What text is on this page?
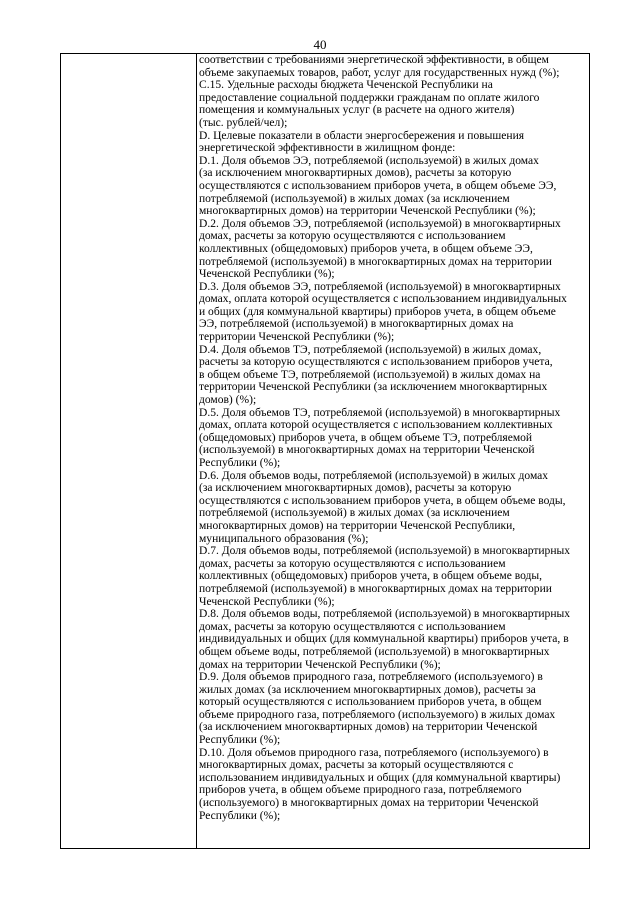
40
соответствии с требованиями энергетической эффективности, в общем
объеме закупаемых товаров, работ, услуг для государственных нужд (%);
С.15. Удельные расходы бюджета Чеченской Республики на
предоставление социальной поддержки гражданам по оплате жилого
помещения и коммунальных услуг (в расчете на одного жителя)
(тыс. рублей/чел);
D. Целевые показатели в области энергосбережения и повышения
энергетической эффективности в жилищном фонде:
D.1. Доля объемов ЭЭ, потребляемой (используемой) в жилых домах
(за исключением многоквартирных домов), расчеты за которую
осуществляются с использованием приборов учета, в общем объеме ЭЭ,
потребляемой (используемой) в жилых домах (за исключением
многоквартирных домов) на территории Чеченской Республики (%);
D.2. Доля объемов ЭЭ, потребляемой (используемой) в многоквартирных
домах, расчеты за которую осуществляются с использованием
коллективных (общедомовых) приборов учета, в общем объеме ЭЭ,
потребляемой (используемой) в многоквартирных домах на территории
Чеченской Республики (%);
D.3. Доля объемов ЭЭ, потребляемой (используемой) в многоквартирных
домах, оплата которой осуществляется с использованием индивидуальных
и общих (для коммунальной квартиры) приборов учета, в общем объеме
ЭЭ, потребляемой (используемой) в многоквартирных домах на
территории Чеченской Республики (%);
D.4. Доля объемов ТЭ, потребляемой (используемой) в жилых домах,
расчеты за которую осуществляются с использованием приборов учета,
в общем объеме ТЭ, потребляемой (используемой) в жилых домах на
территории Чеченской Республики (за исключением многоквартирных
домов) (%);
D.5. Доля объемов ТЭ, потребляемой (используемой) в многоквартирных
домах, оплата которой осуществляется с использованием коллективных
(общедомовых) приборов учета, в общем объеме ТЭ, потребляемой
(используемой) в многоквартирных домах на территории Чеченской
Республики (%);
D.6. Доля объемов воды, потребляемой (используемой) в жилых домах
(за исключением многоквартирных домов), расчеты за которую
осуществляются с использованием приборов учета, в общем объеме воды,
потребляемой (используемой) в жилых домах (за исключением
многоквартирных домов) на территории Чеченской Республики,
муниципального образования (%);
D.7. Доля объемов воды, потребляемой (используемой) в многоквартирных
домах, расчеты за которую осуществляются с использованием
коллективных (общедомовых) приборов учета, в общем объеме воды,
потребляемой (используемой) в многоквартирных домах на территории
Чеченской Республики (%);
D.8. Доля объемов воды, потребляемой (используемой) в многоквартирных
домах, расчеты за которую осуществляются с использованием
индивидуальных и общих (для коммунальной квартиры) приборов учета, в
общем объеме воды, потребляемой (используемой) в многоквартирных
домах на территории Чеченской Республики (%);
D.9. Доля объемов природного газа, потребляемого (используемого) в
жилых домах (за исключением многоквартирных домов), расчеты за
который осуществляются с использованием приборов учета, в общем
объеме природного газа, потребляемого (используемого) в жилых домах
(за исключением многоквартирных домов) на территории Чеченской
Республики (%);
D.10. Доля объемов природного газа, потребляемого (используемого) в
многоквартирных домах, расчеты за который осуществляются с
использованием индивидуальных и общих (для коммунальной квартиры)
приборов учета, в общем объеме природного газа, потребляемого
(используемого) в многоквартирных домах на территории Чеченской
Республики (%);
